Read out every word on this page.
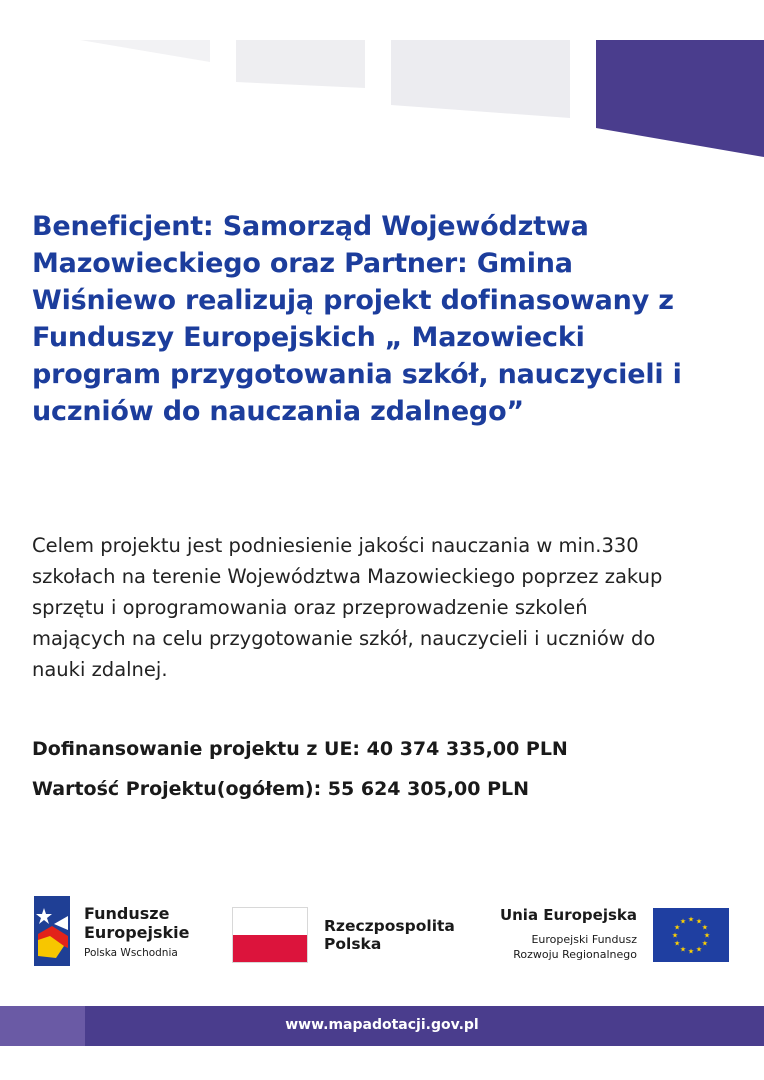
Beneficjent: Samorząd Województwa
Mazowieckiego oraz Partner: Gmina
Wiśniewo realizują projekt dofinasowany z
Funduszy Europejskich „ Mazowiecki
program przygotowania szkół, nauczycieli i
uczniów do nauczania zdalnego”

Celem projektu jest podniesienie jakości nauczania w min.330
szkołach na terenie Województwa Mazowieckiego poprzez zakup
sprzętu i oprogramowania oraz przeprowadzenie szkoleń
mających na celu przygotowanie szkół, nauczycieli i uczniów do
nauki zdalnej.

Dofinansowanie projektu z UE: 40 374 335,00 PLN

Wartość Projektu(ogółem): 55 624 305,00 PLN

Fundusze
Europejskie
Polska Wschodnia
Rzeczpospolita
Polska
Unia Europejska
Europejski Fundusz
Rozwoju Regionalnego
★ ★
★
★
★
★
★
★
★
★
★
★
www.mapadotacji.gov.pl
